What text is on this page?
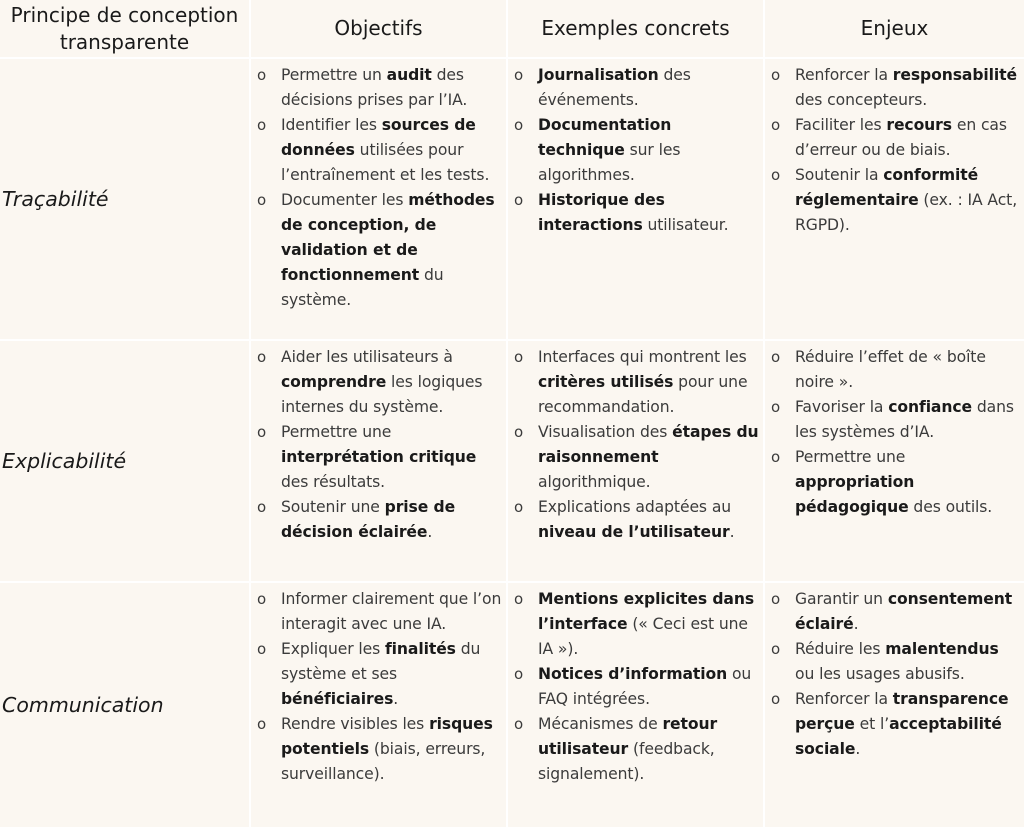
Principe de conception
transparente
Objectifs	Exemples concrets	Enjeux
Traçabilité
o Permettre un audit des décisions prises par l’IA.
o Identifier les sources de données utilisées pour l’entraînement et les tests.
o Documenter les méthodes de conception, de validation et de fonctionnement du système.
o Journalisation des événements.
o Documentation technique sur les algorithmes.
o Historique des interactions utilisateur.
o Renforcer la responsabilité des concepteurs.
o Faciliter les recours en cas d’erreur ou de biais.
o Soutenir la conformité réglementaire (ex. : IA Act, RGPD).
Explicabilité
o Aider les utilisateurs à comprendre les logiques internes du système.
o Permettre une interprétation critique des résultats.
o Soutenir une prise de décision éclairée.
o Interfaces qui montrent les critères utilisés pour une recommandation.
o Visualisation des étapes du raisonnement algorithmique.
o Explications adaptées au niveau de l’utilisateur.
o Réduire l’effet de « boîte noire ».
o Favoriser la confiance dans les systèmes d’IA.
o Permettre une appropriation pédagogique des outils.
Communication
o Informer clairement que l’on interagit avec une IA.
o Expliquer les finalités du système et ses bénéficiaires.
o Rendre visibles les risques potentiels (biais, erreurs, surveillance).
o Mentions explicites dans l’interface (« Ceci est une IA »).
o Notices d’information ou FAQ intégrées.
o Mécanismes de retour utilisateur (feedback, signalement).
o Garantir un consentement éclairé.
o Réduire les malentendus ou les usages abusifs.
o Renforcer la transparence perçue et l’acceptabilité sociale.
